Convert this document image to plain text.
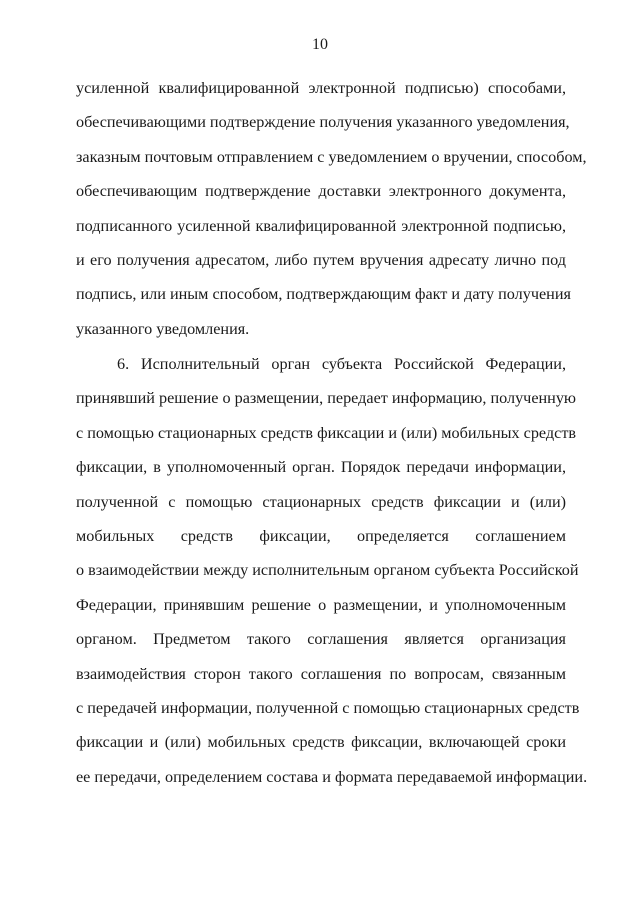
10
усиленной квалифицированной электронной подписью) способами,
обеспечивающими подтверждение получения указанного уведомления,
заказным почтовым отправлением с уведомлением о вручении, способом,
обеспечивающим подтверждение доставки электронного документа,
подписанного усиленной квалифицированной электронной подписью,
и его получения адресатом, либо путем вручения адресату лично под
подпись, или иным способом, подтверждающим факт и дату получения
указанного уведомления.
6. Исполнительный орган субъекта Российской Федерации,
принявший решение о размещении, передает информацию, полученную
с помощью стационарных средств фиксации и (или) мобильных средств
фиксации, в уполномоченный орган. Порядок передачи информации,
полученной с помощью стационарных средств фиксации и (или)
мобильных средств фиксации, определяется соглашением
о взаимодействии между исполнительным органом субъекта Российской
Федерации, принявшим решение о размещении, и уполномоченным
органом. Предметом такого соглашения является организация
взаимодействия сторон такого соглашения по вопросам, связанным
с передачей информации, полученной с помощью стационарных средств
фиксации и (или) мобильных средств фиксации, включающей сроки
ее передачи, определением состава и формата передаваемой информации.
